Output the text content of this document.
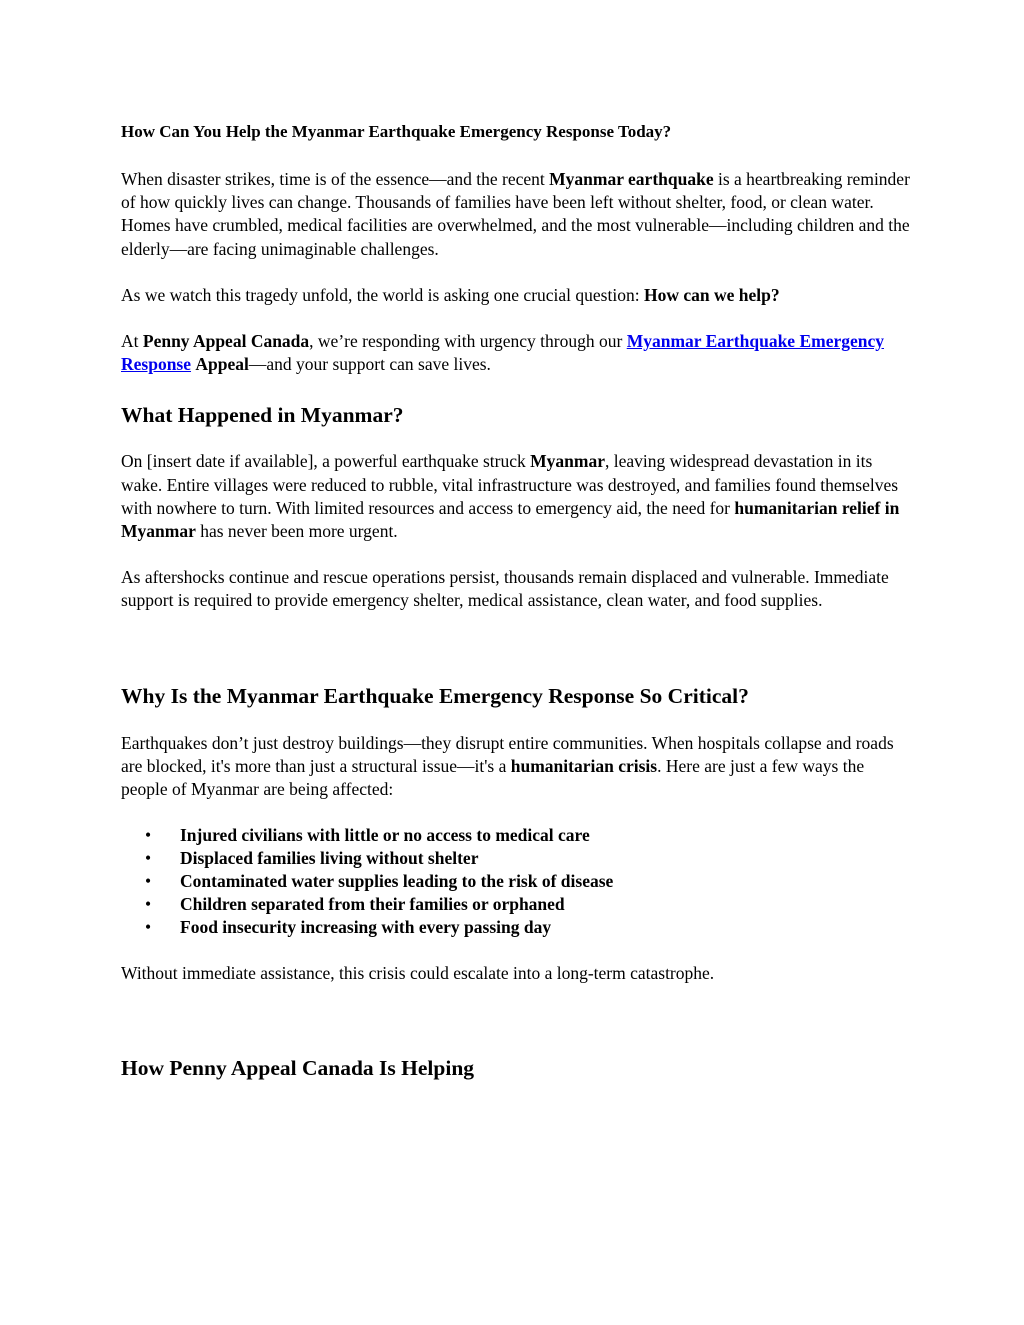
How Can You Help the Myanmar Earthquake Emergency Response Today?

When disaster strikes, time is of the essence—and the recent Myanmar earthquake is a heartbreaking reminder of how quickly lives can change. Thousands of families have been left without shelter, food, or clean water. Homes have crumbled, medical facilities are overwhelmed, and the most vulnerable—including children and the elderly—are facing unimaginable challenges.

As we watch this tragedy unfold, the world is asking one crucial question: How can we help?

At Penny Appeal Canada, we’re responding with urgency through our Myanmar Earthquake Emergency Response Appeal—and your support can save lives.

What Happened in Myanmar?

On [insert date if available], a powerful earthquake struck Myanmar, leaving widespread devastation in its wake. Entire villages were reduced to rubble, vital infrastructure was destroyed, and families found themselves with nowhere to turn. With limited resources and access to emergency aid, the need for humanitarian relief in Myanmar has never been more urgent.

As aftershocks continue and rescue operations persist, thousands remain displaced and vulnerable. Immediate support is required to provide emergency shelter, medical assistance, clean water, and food supplies.

Why Is the Myanmar Earthquake Emergency Response So Critical?

Earthquakes don’t just destroy buildings—they disrupt entire communities. When hospitals collapse and roads are blocked, it's more than just a structural issue—it's a humanitarian crisis. Here are just a few ways the people of Myanmar are being affected:

• Injured civilians with little or no access to medical care
• Displaced families living without shelter
• Contaminated water supplies leading to the risk of disease
• Children separated from their families or orphaned
• Food insecurity increasing with every passing day

Without immediate assistance, this crisis could escalate into a long-term catastrophe.

How Penny Appeal Canada Is Helping
